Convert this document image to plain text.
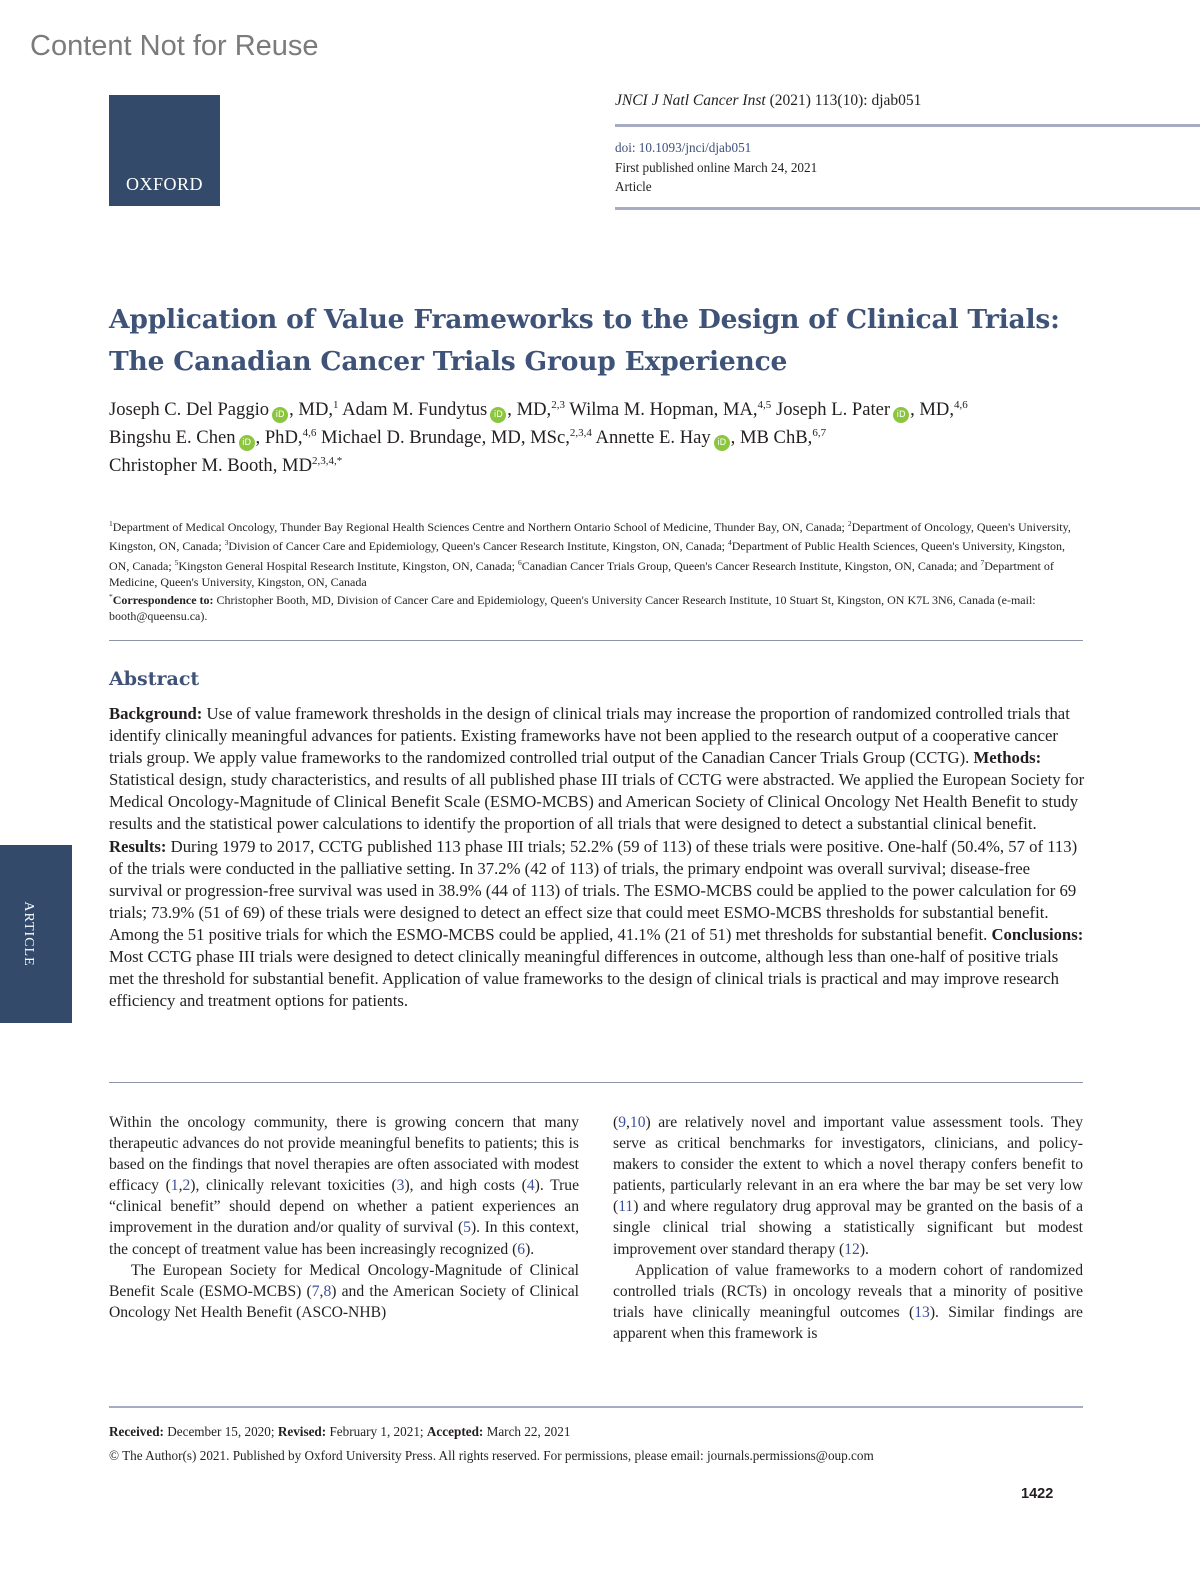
Content Not for Reuse
OXFORD
JNCI J Natl Cancer Inst (2021) 113(10): djab051
doi: 10.1093/jnci/djab051
First published online March 24, 2021
Article
Application of Value Frameworks to the Design of Clinical Trials: The Canadian Cancer Trials Group Experience
Joseph C. Del Paggio iD , MD,$^1$ Adam M. Fundytus iD , MD,$^{2,3}$ Wilma M. Hopman, MA,$^{4,5}$ Joseph L. Pater iD , MD,$^{4,6}$
Bingshu E. Chen iD , PhD,$^{4,6}$ Michael D. Brundage, MD, MSc,$^{2,3,4}$ Annette E. Hay iD , MB ChB,$^{6,7}$
Christopher M. Booth, $MD^{2,3,4,*}$
$^1$Department of Medical Oncology, Thunder Bay Regional Health Sciences Centre and Northern Ontario School of Medicine, Thunder Bay, ON, Canada; $^2$Department of Oncology, Queen's University, Kingston, ON, Canada; $^3$Division of Cancer Care and Epidemiology, Queen's Cancer Research Institute, Kingston, ON, Canada; $^4$Department of Public Health Sciences, Queen's University, Kingston, ON, Canada; $^5$Kingston General Hospital Research Institute, Kingston, ON, Canada; $^6$Canadian Cancer Trials Group, Queen's Cancer Research Institute, Kingston, ON, Canada; and $^7$Department of Medicine, Queen's University, Kingston, ON, Canada
*Correspondence to: Christopher Booth, MD, Division of Cancer Care and Epidemiology, Queen's University Cancer Research Institute, 10 Stuart St, Kingston, ON K7L 3N6, Canada (e-mail: booth@queensu.ca).
Abstract
Background: Use of value framework thresholds in the design of clinical trials may increase the proportion of randomized controlled trials that identify clinically meaningful advances for patients. Existing frameworks have not been applied to the research output of a cooperative cancer trials group. We apply value frameworks to the randomized controlled trial output of the Canadian Cancer Trials Group (CCTG). Methods: Statistical design, study characteristics, and results of all published phase III trials of CCTG were abstracted. We applied the European Society for Medical Oncology-Magnitude of Clinical Benefit Scale (ESMO-MCBS) and American Society of Clinical Oncology Net Health Benefit to study results and the statistical power calculations to identify the proportion of all trials that were designed to detect a substantial clinical benefit. Results: During 1979 to 2017, CCTG published 113 phase III trials; 52.2% (59 of 113) of these trials were positive. One-half (50.4%, 57 of 113) of the trials were conducted in the palliative setting. In 37.2% (42 of 113) of trials, the primary endpoint was overall survival; disease-free survival or progression-free survival was used in 38.9% (44 of 113) of trials. The ESMO-MCBS could be applied to the power calculation for 69 trials; 73.9% (51 of 69) of these trials were designed to detect an effect size that could meet ESMO-MCBS thresholds for substantial benefit. Among the 51 positive trials for which the ESMO-MCBS could be applied, 41.1% (21 of 51) met thresholds for substantial benefit. Conclusions: Most CCTG phase III trials were designed to detect clinically meaningful differences in outcome, although less than one-half of positive trials met the threshold for substantial benefit. Application of value frameworks to the design of clinical trials is practical and may improve research efficiency and treatment options for patients.
ARTICLE

Within the oncology community, there is growing concern that many therapeutic advances do not provide meaningful benefits to patients; this is based on the findings that novel therapies are often associated with modest efficacy (1,2), clinically relevant toxicities (3), and high costs (4). True “clinical benefit” should depend on whether a patient experiences an improvement in the duration and/or quality of survival (5). In this context, the concept of treatment value has been increasingly recognized (6).

The European Society for Medical Oncology-Magnitude of Clinical Benefit Scale (ESMO-MCBS) (7,8) and the American Society of Clinical Oncology Net Health Benefit (ASCO-NHB)

(9,10) are relatively novel and important value assessment tools. They serve as critical benchmarks for investigators, clinicians, and policy-makers to consider the extent to which a novel therapy confers benefit to patients, particularly relevant in an era where the bar may be set very low (11) and where regulatory drug approval may be granted on the basis of a single clinical trial showing a statistically significant but modest improvement over standard therapy (12).

Application of value frameworks to a modern cohort of randomized controlled trials (RCTs) in oncology reveals that a minority of positive trials have clinically meaningful outcomes (13). Similar findings are apparent when this framework is

Received: December 15, 2020; Revised: February 1, 2021; Accepted: March 22, 2021
© The Author(s) 2021. Published by Oxford University Press. All rights reserved. For permissions, please email: journals.permissions@oup.com
1422
